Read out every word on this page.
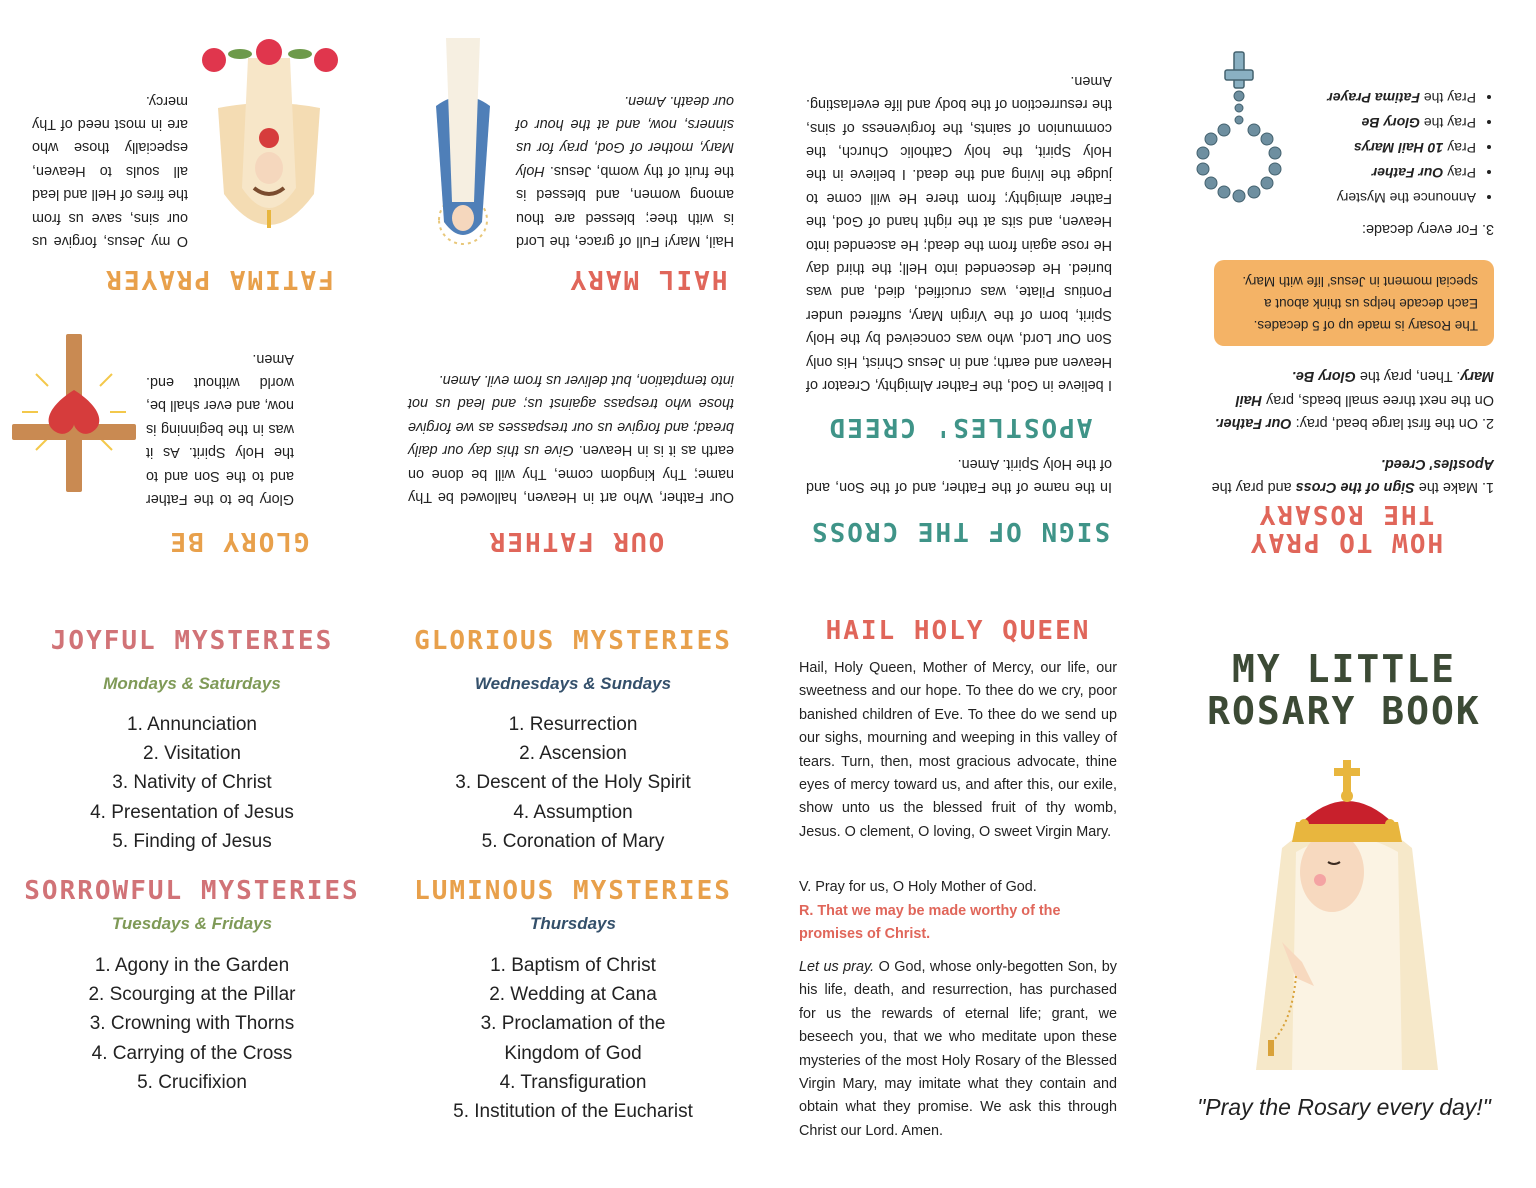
HOW TO PRAY
THE ROSARY
1. Make the Sign of the Cross and pray the Apostles' Creed.
2. On the first large bead, pray: Our Father. On the next three small beads, pray Hail Mary. Then, pray the Glory Be.
The Rosary is made up of 5 decades. Each decade helps us think about a special moment in Jesus' life with Mary.
3. For every decade:
• Announce the Mystery
• Pray Our Father
• Pray 10 Hail Marys
• Pray the Glory Be
• Pray the Fatima Prayer
SIGN OF THE CROSS
In the name of the Father, and of the Son, and of the Holy Spirit. Amen.
APOSTLES' CREED
I believe in God, the Father Almighty, Creator of Heaven and earth; and in Jesus Christ, His only Son Our Lord, who was conceived by the Holy Spirit, born of the Virgin Mary, suffered under Pontius Pilate, was crucified, died, and was buried. He descended into Hell; the third day He rose again from the dead; He ascended into Heaven, and sits at the right hand of God, the Father almighty; from there He will come to judge the living and the dead. I believe in the Holy Spirit, the holy Catholic Church, the communion of saints, the forgiveness of sins, the resurrection of the body and life everlasting. Amen.
OUR FATHER
Our Father, Who art in Heaven, hallowed be Thy name; Thy kingdom come, Thy will be done on earth as it is in Heaven. Give us this day our daily bread; and forgive us our trespasses as we forgive those who trespass against us; and lead us not into temptation, but deliver us from evil. Amen.
HAIL MARY
Hail, Mary! Full of grace, the Lord is with thee; blessed are thou among women, and blessed is the fruit of thy womb, Jesus. Holy Mary, mother of God, pray for us sinners, now, and at the hour of our death. Amen.
GLORY BE
Glory be to the Father and to the Son and to the Holy Spirit. As it was in the beginning is now, and ever shall be, world without end. Amen.
FATIMA PRAYER
O my Jesus, forgive us our sins, save us from the fires of Hell and lead all souls to Heaven, especially those who are in most need of Thy mercy.
JOYFUL MYSTERIES
Mondays & Saturdays
1. Annunciation
2. Visitation
3. Nativity of Christ
4. Presentation of Jesus
5. Finding of Jesus
SORROWFUL MYSTERIES
Tuesdays & Fridays
1. Agony in the Garden
2. Scourging at the Pillar
3. Crowning with Thorns
4. Carrying of the Cross
5. Crucifixion
GLORIOUS MYSTERIES
Wednesdays & Sundays
1. Resurrection
2. Ascension
3. Descent of the Holy Spirit
4. Assumption
5. Coronation of Mary
LUMINOUS MYSTERIES
Thursdays
1. Baptism of Christ
2. Wedding at Cana
3. Proclamation of the
Kingdom of God
4. Transfiguration
5. Institution of the Eucharist
HAIL HOLY QUEEN
Hail, Holy Queen, Mother of Mercy, our life, our sweetness and our hope. To thee do we cry, poor banished children of Eve. To thee do we send up our sighs, mourning and weeping in this valley of tears. Turn, then, most gracious advocate, thine eyes of mercy toward us, and after this, our exile, show unto us the blessed fruit of thy womb, Jesus. O clement, O loving, O sweet Virgin Mary.
V. Pray for us, O Holy Mother of God.
R. That we may be made worthy of the promises of Christ.
Let us pray. O God, whose only-begotten Son, by his life, death, and resurrection, has purchased for us the rewards of eternal life; grant, we beseech you, that we who meditate upon these mysteries of the most Holy Rosary of the Blessed Virgin Mary, may imitate what they contain and obtain what they promise. We ask this through Christ our Lord. Amen.
MY LITTLE
ROSARY BOOK
"Pray the Rosary every day!"
